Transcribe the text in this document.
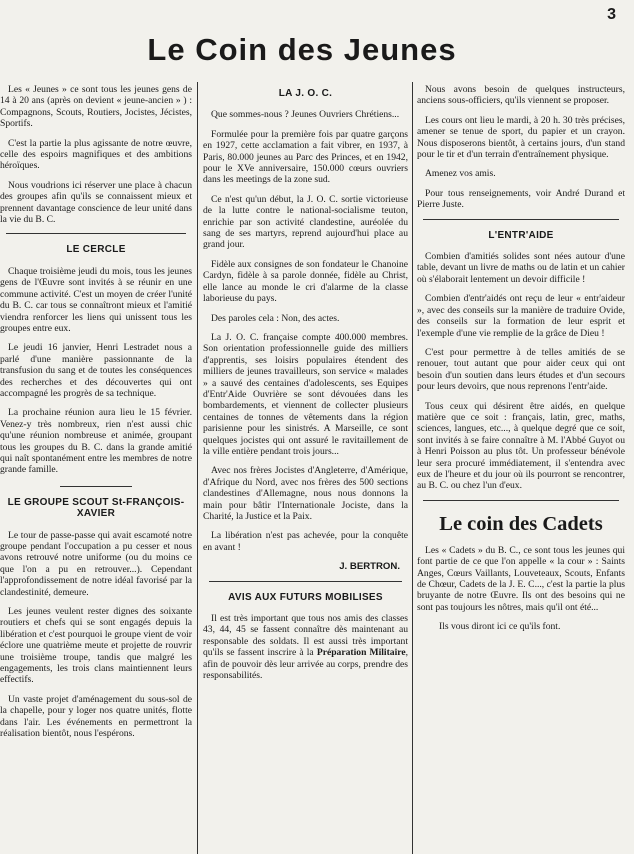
3
Le Coin des Jeunes

Les « Jeunes » ce sont tous les jeunes gens de 14 à 20 ans (après on devient « jeune-ancien » ) : Compagnons, Scouts, Routiers, Jocistes, Jécistes, Sportifs.

C'est la partie la plus agissante de notre œuvre, celle des espoirs magnifiques et des ambitions héroïques.

Nous voudrions ici réserver une place à chacun des groupes afin qu'ils se connaissent mieux et prennent davantage conscience de leur unité dans la vie du B. C.

LE CERCLE

Chaque troisième jeudi du mois, tous les jeunes gens de l'Œuvre sont invités à se réunir en une commune activité. C'est un moyen de créer l'unité du B. C. car tous se connaîtront mieux et l'amitié viendra renforcer les liens qui unissent tous les groupes entre eux.

Le jeudi 16 janvier, Henri Lestradet nous a parlé d'une manière passionnante de la transfusion du sang et de toutes les conséquences des recherches et des découvertes qui ont accompagné les progrès de sa technique.

La prochaine réunion aura lieu le 15 février. Venez-y très nombreux, rien n'est aussi chic qu'une réunion nombreuse et animée, groupant tous les groupes du B. C. dans la grande amitié qui naît spontanément entre les membres de notre grande famille.

LE GROUPE SCOUT St-FRANÇOIS-XAVIER

Le tour de passe-passe qui avait escamoté notre groupe pendant l'occupation a pu cesser et nous avons retrouvé notre uniforme (ou du moins ce que l'on a pu en retrouver...). Cependant l'approfondissement de notre idéal favorisé par la clandestinité, demeure.

Les jeunes veulent rester dignes des soixante routiers et chefs qui se sont engagés depuis la libération et c'est pourquoi le groupe vient de voir éclore une quatrième meute et projette de rouvrir une troisième troupe, tandis que malgré les engagements, les trois clans maintiennent leurs effectifs.

Un vaste projet d'aménagement du sous-sol de la chapelle, pour y loger nos quatre unités, flotte dans l'air. Les événements en permettront la réalisation bientôt, nous l'espérons.

LA J. O. C.

Que sommes-nous ? Jeunes Ouvriers Chrétiens...

Formulée pour la première fois par quatre garçons en 1927, cette acclamation a fait vibrer, en 1937, à Paris, 80.000 jeunes au Parc des Princes, et en 1942, pour le XVe anniversaire, 150.000 cœurs ouvriers dans les meetings de la zone sud.

Ce n'est qu'un début, la J. O. C. sortie victorieuse de la lutte contre le national-socialisme teuton, enrichie par son activité clandestine, auréolée du sang de ses martyrs, reprend aujourd'hui place au grand jour.

Fidèle aux consignes de son fondateur le Chanoine Cardyn, fidèle à sa parole donnée, fidèle au Christ, elle lance au monde le cri d'alarme de la classe laborieuse du pays.

Des paroles cela : Non, des actes.

La J. O. C. française compte 400.000 membres. Son orientation professionnelle guide des milliers d'apprentis, ses loisirs populaires étendent des milliers de jeunes travailleurs, son service « malades » a sauvé des centaines d'adolescents, ses Equipes d'Entr'Aide Ouvrière se sont dévouées dans les bombardements, et viennent de collecter plusieurs centaines de tonnes de vêtements dans la région parisienne pour les sinistrés. A Marseille, ce sont quelques jocistes qui ont assuré le ravitaillement de la ville entière pendant trois jours...

Avec nos frères Jocistes d'Angleterre, d'Amérique, d'Afrique du Nord, avec nos frères des 500 sections clandestines d'Allemagne, nous nous donnons la main pour bâtir l'Internationale Jociste, dans la Charité, la Justice et la Paix.

La libération n'est pas achevée, pour la conquête en avant !

J. BERTRON.
AVIS AUX FUTURS MOBILISES

Il est très important que tous nos amis des classes 43, 44, 45 se fassent connaître dès maintenant au responsable des soldats. Il est aussi très important qu'ils se fassent inscrire à la Préparation Militaire, afin de pouvoir dès leur arrivée au corps, prendre des responsabilités.

Nous avons besoin de quelques instructeurs, anciens sous-officiers, qu'ils viennent se proposer.

Les cours ont lieu le mardi, à 20 h. 30 très précises, amener se tenue de sport, du papier et un crayon. Nous disposerons bientôt, à certains jours, d'un stand pour le tir et d'un terrain d'entraînement physique.

Amenez vos amis.

Pour tous renseignements, voir André Durand et Pierre Juste.

L'ENTR'AIDE

Combien d'amitiés solides sont nées autour d'une table, devant un livre de maths ou de latin et un cahier où s'élaborait lentement un devoir difficile !

Combien d'entr'aidés ont reçu de leur « entr'aideur », avec des conseils sur la manière de traduire Ovide, des conseils sur la formation de leur esprit et l'exemple d'une vie remplie de la grâce de Dieu !

C'est pour permettre à de telles amitiés de se renouer, tout autant que pour aider ceux qui ont besoin d'un soutien dans leurs études et d'un secours pour leurs devoirs, que nous reprenons l'entr'aide.

Tous ceux qui désirent être aidés, en quelque matière que ce soit : français, latin, grec, maths, sciences, langues, etc..., à quelque degré que ce soit, sont invités à se faire connaître à M. l'Abbé Guyot ou à Henri Poisson au plus tôt. Un professeur bénévole leur sera procuré immédiatement, il s'entendra avec eux de l'heure et du jour où ils pourront se rencontrer, au B. C. ou chez l'un d'eux.

Le coin des Cadets

Les « Cadets » du B. C., ce sont tous les jeunes qui font partie de ce que l'on appelle « la cour » : Saints Anges, Cœurs Vaillants, Louveteaux, Scouts, Enfants de Chœur, Cadets de la J. E. C..., c'est la partie la plus bruyante de notre Œuvre. Ils ont des besoins qui ne sont pas toujours les nôtres, mais qu'il ont été...

Ils vous diront ici ce qu'ils font.
